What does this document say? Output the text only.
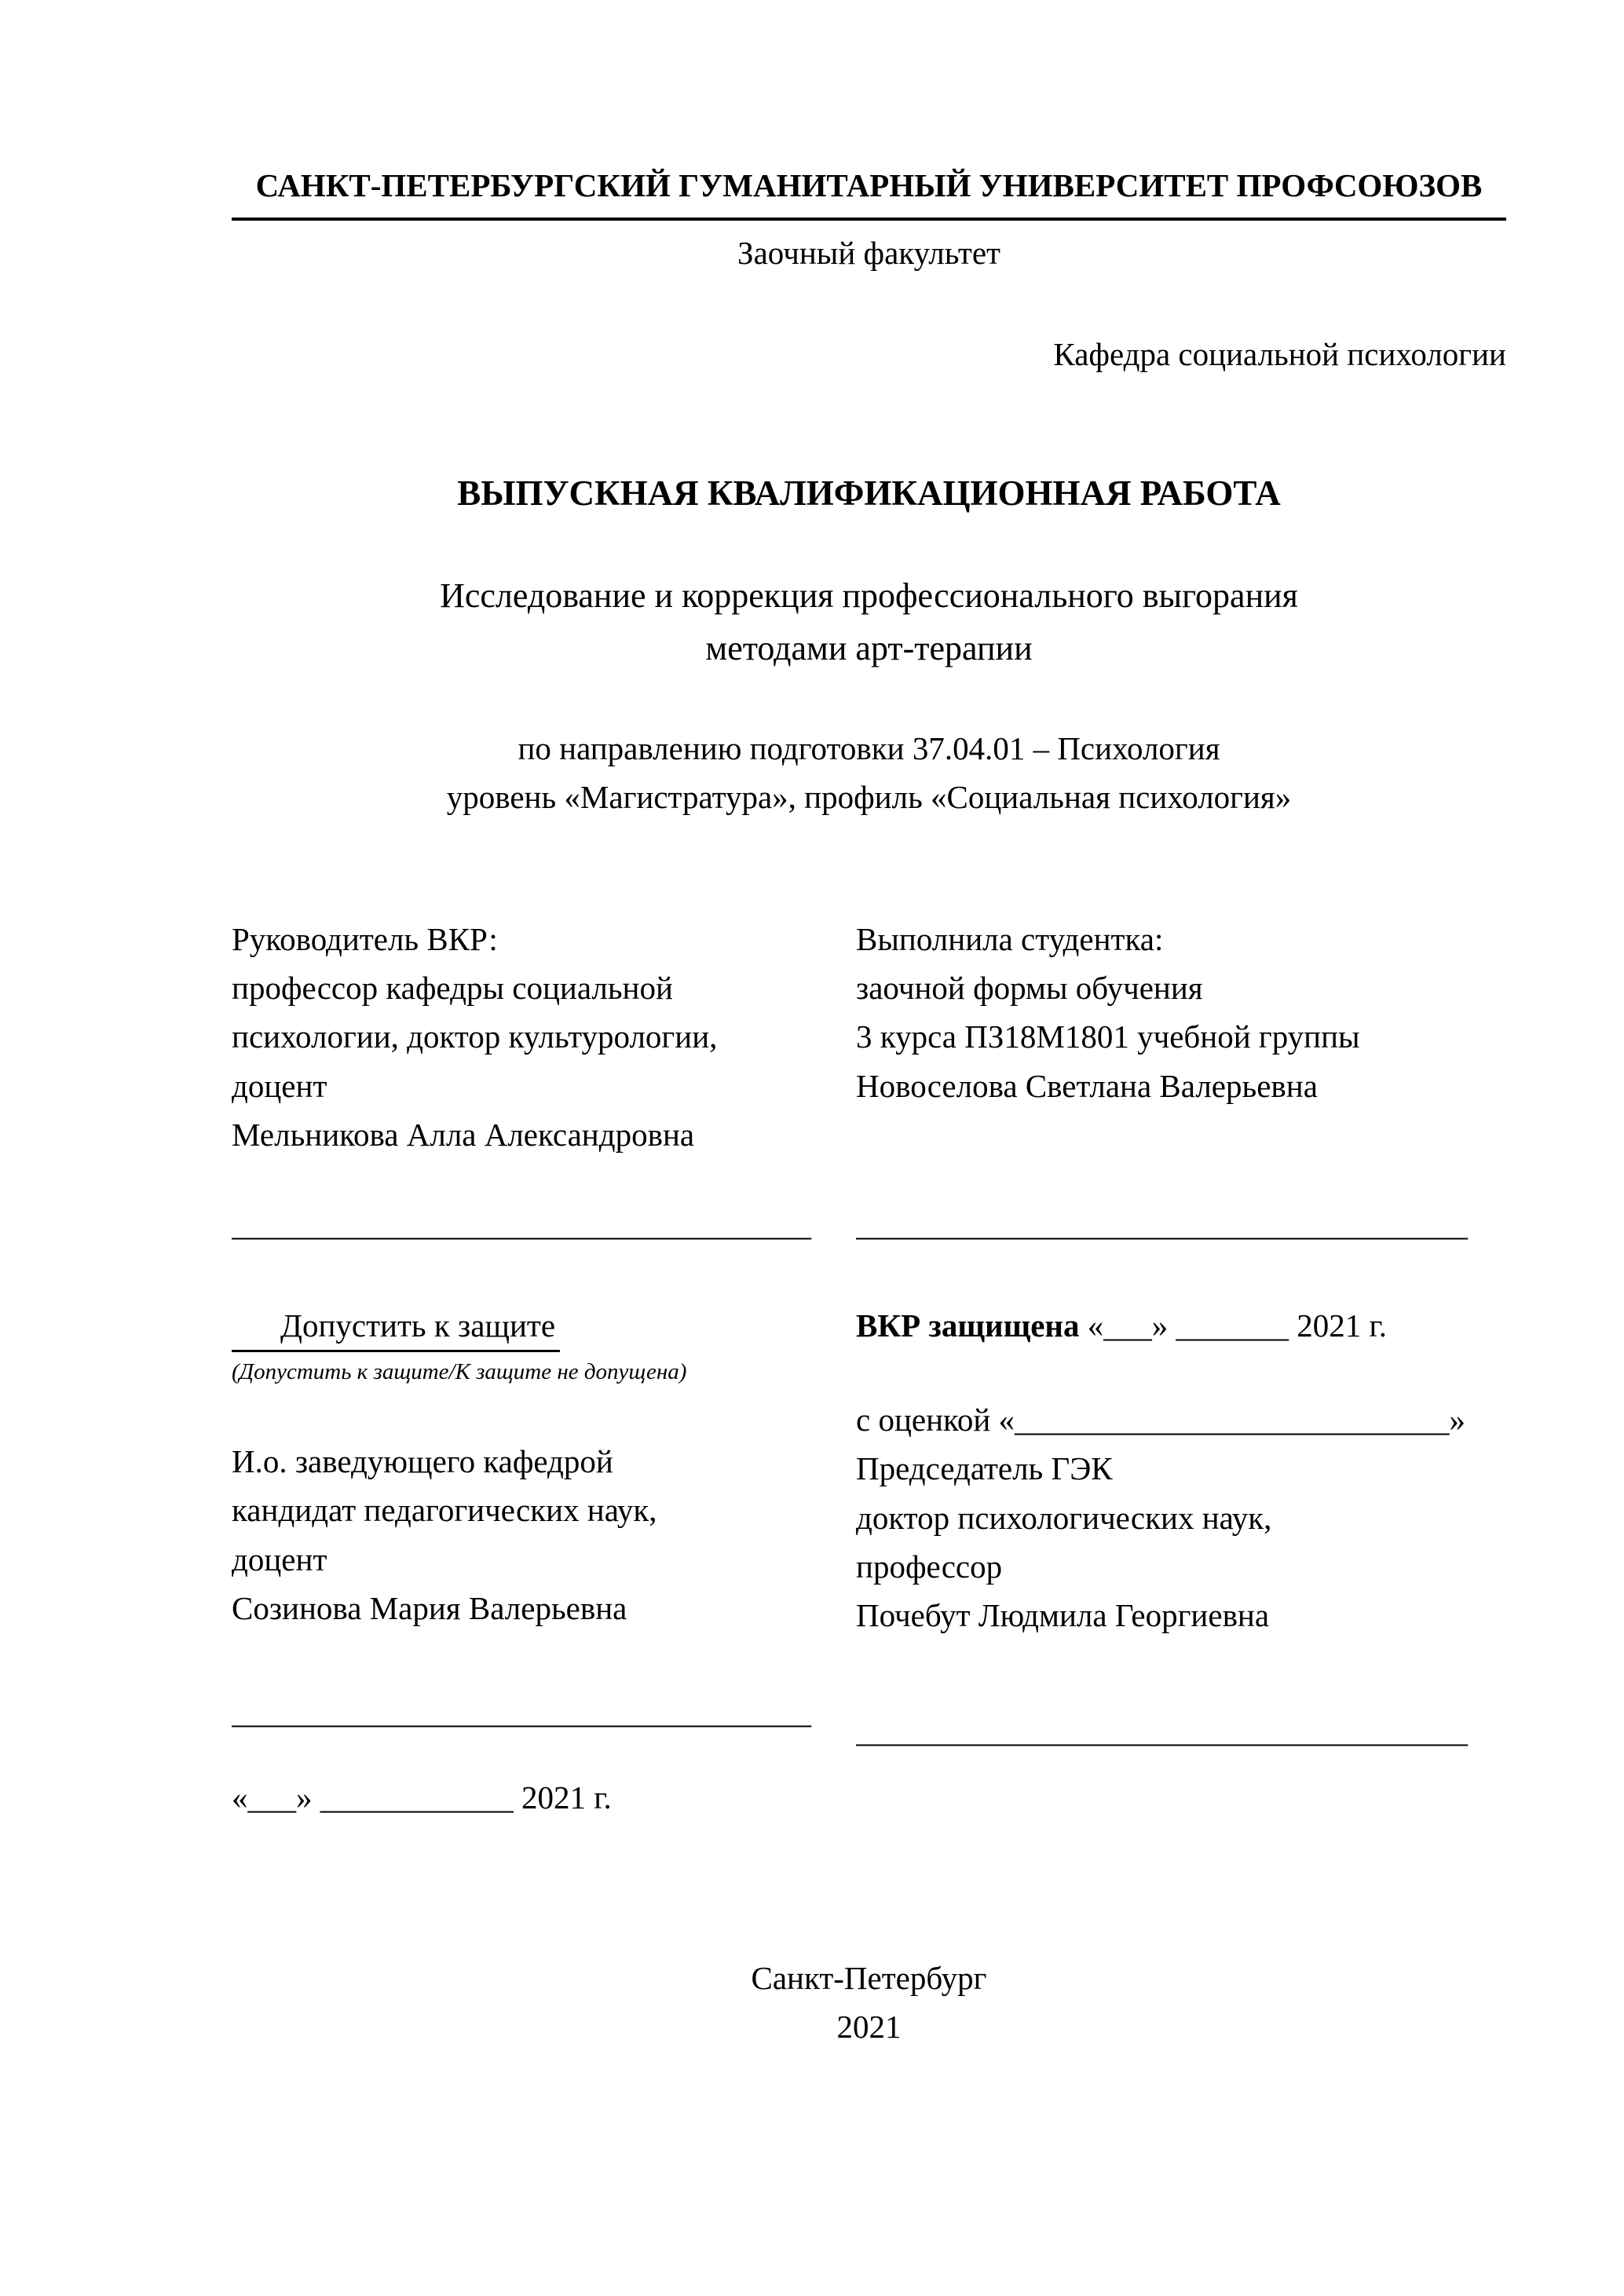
САНКТ-ПЕТЕРБУРГСКИЙ ГУМАНИТАРНЫЙ УНИВЕРСИТЕТ ПРОФСОЮЗОВ
Заочный факультет
Кафедра социальной психологии
ВЫПУСКНАЯ КВАЛИФИКАЦИОННАЯ РАБОТА
Исследование и коррекция профессионального выгорания
методами арт-терапии
по направлению подготовки 37.04.01 – Психология
уровень «Магистратура», профиль «Социальная психология»
Руководитель ВКР:
профессор кафедры социальной
психологии, доктор культурологии,
доцент
Мельникова Алла Александровна
____________________________________
Выполнила студентка:
заочной формы обучения
3 курса ПЗ18М1801 учебной группы
Новоселова Светлана Валерьевна
______________________________________
Допустить к защите
(Допустить к защите/К защите не допущена)
И.о. заведующего кафедрой
кандидат педагогических наук,
доцент
Созинова Мария Валерьевна
____________________________________
«___» ____________ 2021 г.
ВКР защищена «___» _______ 2021 г.
с оценкой «___________________________»
Председатель ГЭК
доктор психологических наук,
профессор
Почебут Людмила Георгиевна
______________________________________
Санкт-Петербург
2021
